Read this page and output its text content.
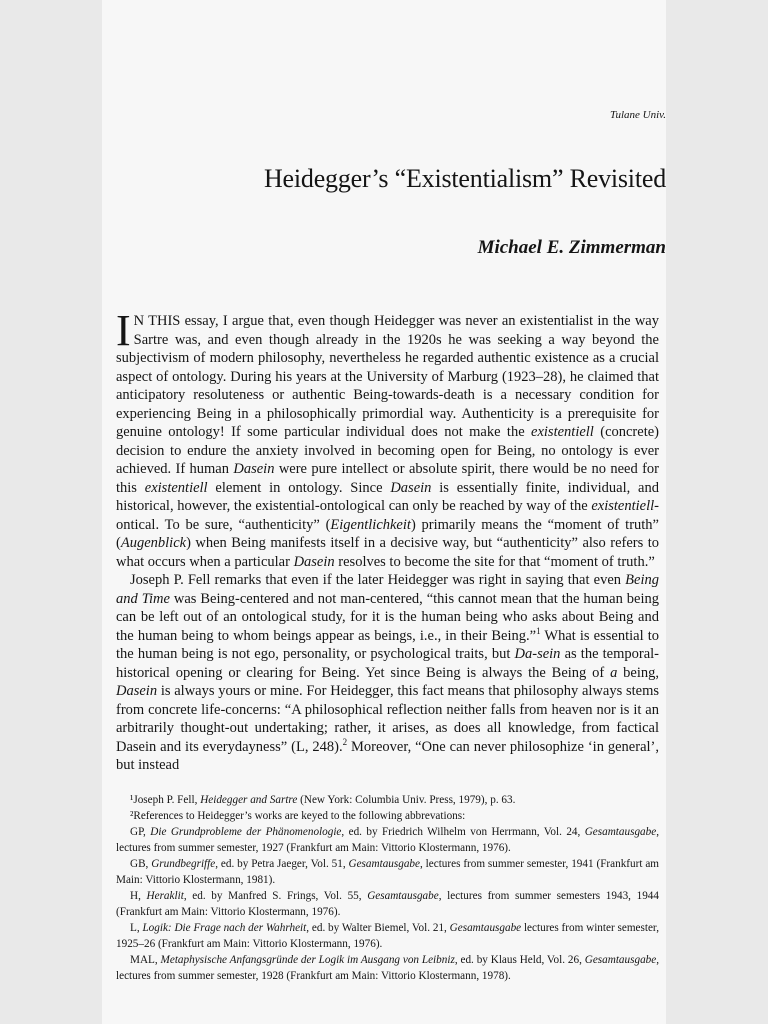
Tulane Univ.
Heidegger’s “Existentialism” Revisited
Michael E. Zimmerman

I N THIS essay, I argue that, even though Heidegger was never an existentialist in the way Sartre was, and even though already in the 1920s he was seeking a way beyond the subjectivism of modern philosophy, nevertheless he regarded authentic existence as a crucial aspect of ontology. During his years at the University of Marburg (1923–28), he claimed that anticipatory resoluteness or authentic Being-towards-death is a necessary condition for experiencing Being in a philosophically primordial way. Authenticity is a prerequisite for genuine ontology! If some particular individual does not make the existentiell (concrete) decision to endure the anxiety involved in becoming open for Being, no ontology is ever achieved. If human Dasein were pure intellect or absolute spirit, there would be no need for this existentiell element in ontology. Since Dasein is essentially finite, individual, and historical, however, the existential-ontological can only be reached by way of the existentiell-ontical. To be sure, “authenticity” (Eigentlichkeit) primarily means the “moment of truth” (Augenblick) when Being manifests itself in a decisive way, but “authenticity” also refers to what occurs when a particular Dasein resolves to become the site for that “moment of truth.”

Joseph P. Fell remarks that even if the later Heidegger was right in saying that even Being and Time was Being-centered and not man-centered, “this cannot mean that the human being can be left out of an ontological study, for it is the human being who asks about Being and the human being to whom beings appear as beings, i.e., in their Being.”$^1$ What is essential to the human being is not ego, personality, or psychological traits, but Da-sein as the temporal-historical opening or clearing for Being. Yet since Being is always the Being of a being, Dasein is always yours or mine. For Heidegger, this fact means that philosophy always stems from concrete life-concerns: “A philosophical reflection neither falls from heaven nor is it an arbitrarily thought-out undertaking; rather, it arises, as does all knowledge, from factical Dasein and its everydayness” (L, 248).$^2$ Moreover, “One can never philosophize ‘in general’, but instead

¹Joseph P. Fell, Heidegger and Sartre (New York: Columbia Univ. Press, 1979), p. 63.

²References to Heidegger’s works are keyed to the following abbrevations:

GP, Die Grundprobleme der Phänomenologie, ed. by Friedrich Wilhelm von Herrmann, Vol. 24, Gesamtausgabe, lectures from summer semester, 1927 (Frankfurt am Main: Vittorio Klostermann, 1976).

GB, Grundbegriffe, ed. by Petra Jaeger, Vol. 51, Gesamtausgabe, lectures from summer semester, 1941 (Frankfurt am Main: Vittorio Klostermann, 1981).

H, Heraklit, ed. by Manfred S. Frings, Vol. 55, Gesamtausgabe, lectures from summer semesters 1943, 1944 (Frankfurt am Main: Vittorio Klostermann, 1976).

L, Logik: Die Frage nach der Wahrheit, ed. by Walter Biemel, Vol. 21, Gesamtausgabe lectures from winter semester, 1925–26 (Frankfurt am Main: Vittorio Klostermann, 1976).

MAL, Metaphysische Anfangsgründe der Logik im Ausgang von Leibniz, ed. by Klaus Held, Vol. 26, Gesamtausgabe, lectures from summer semester, 1928 (Frankfurt am Main: Vittorio Klostermann, 1978).
